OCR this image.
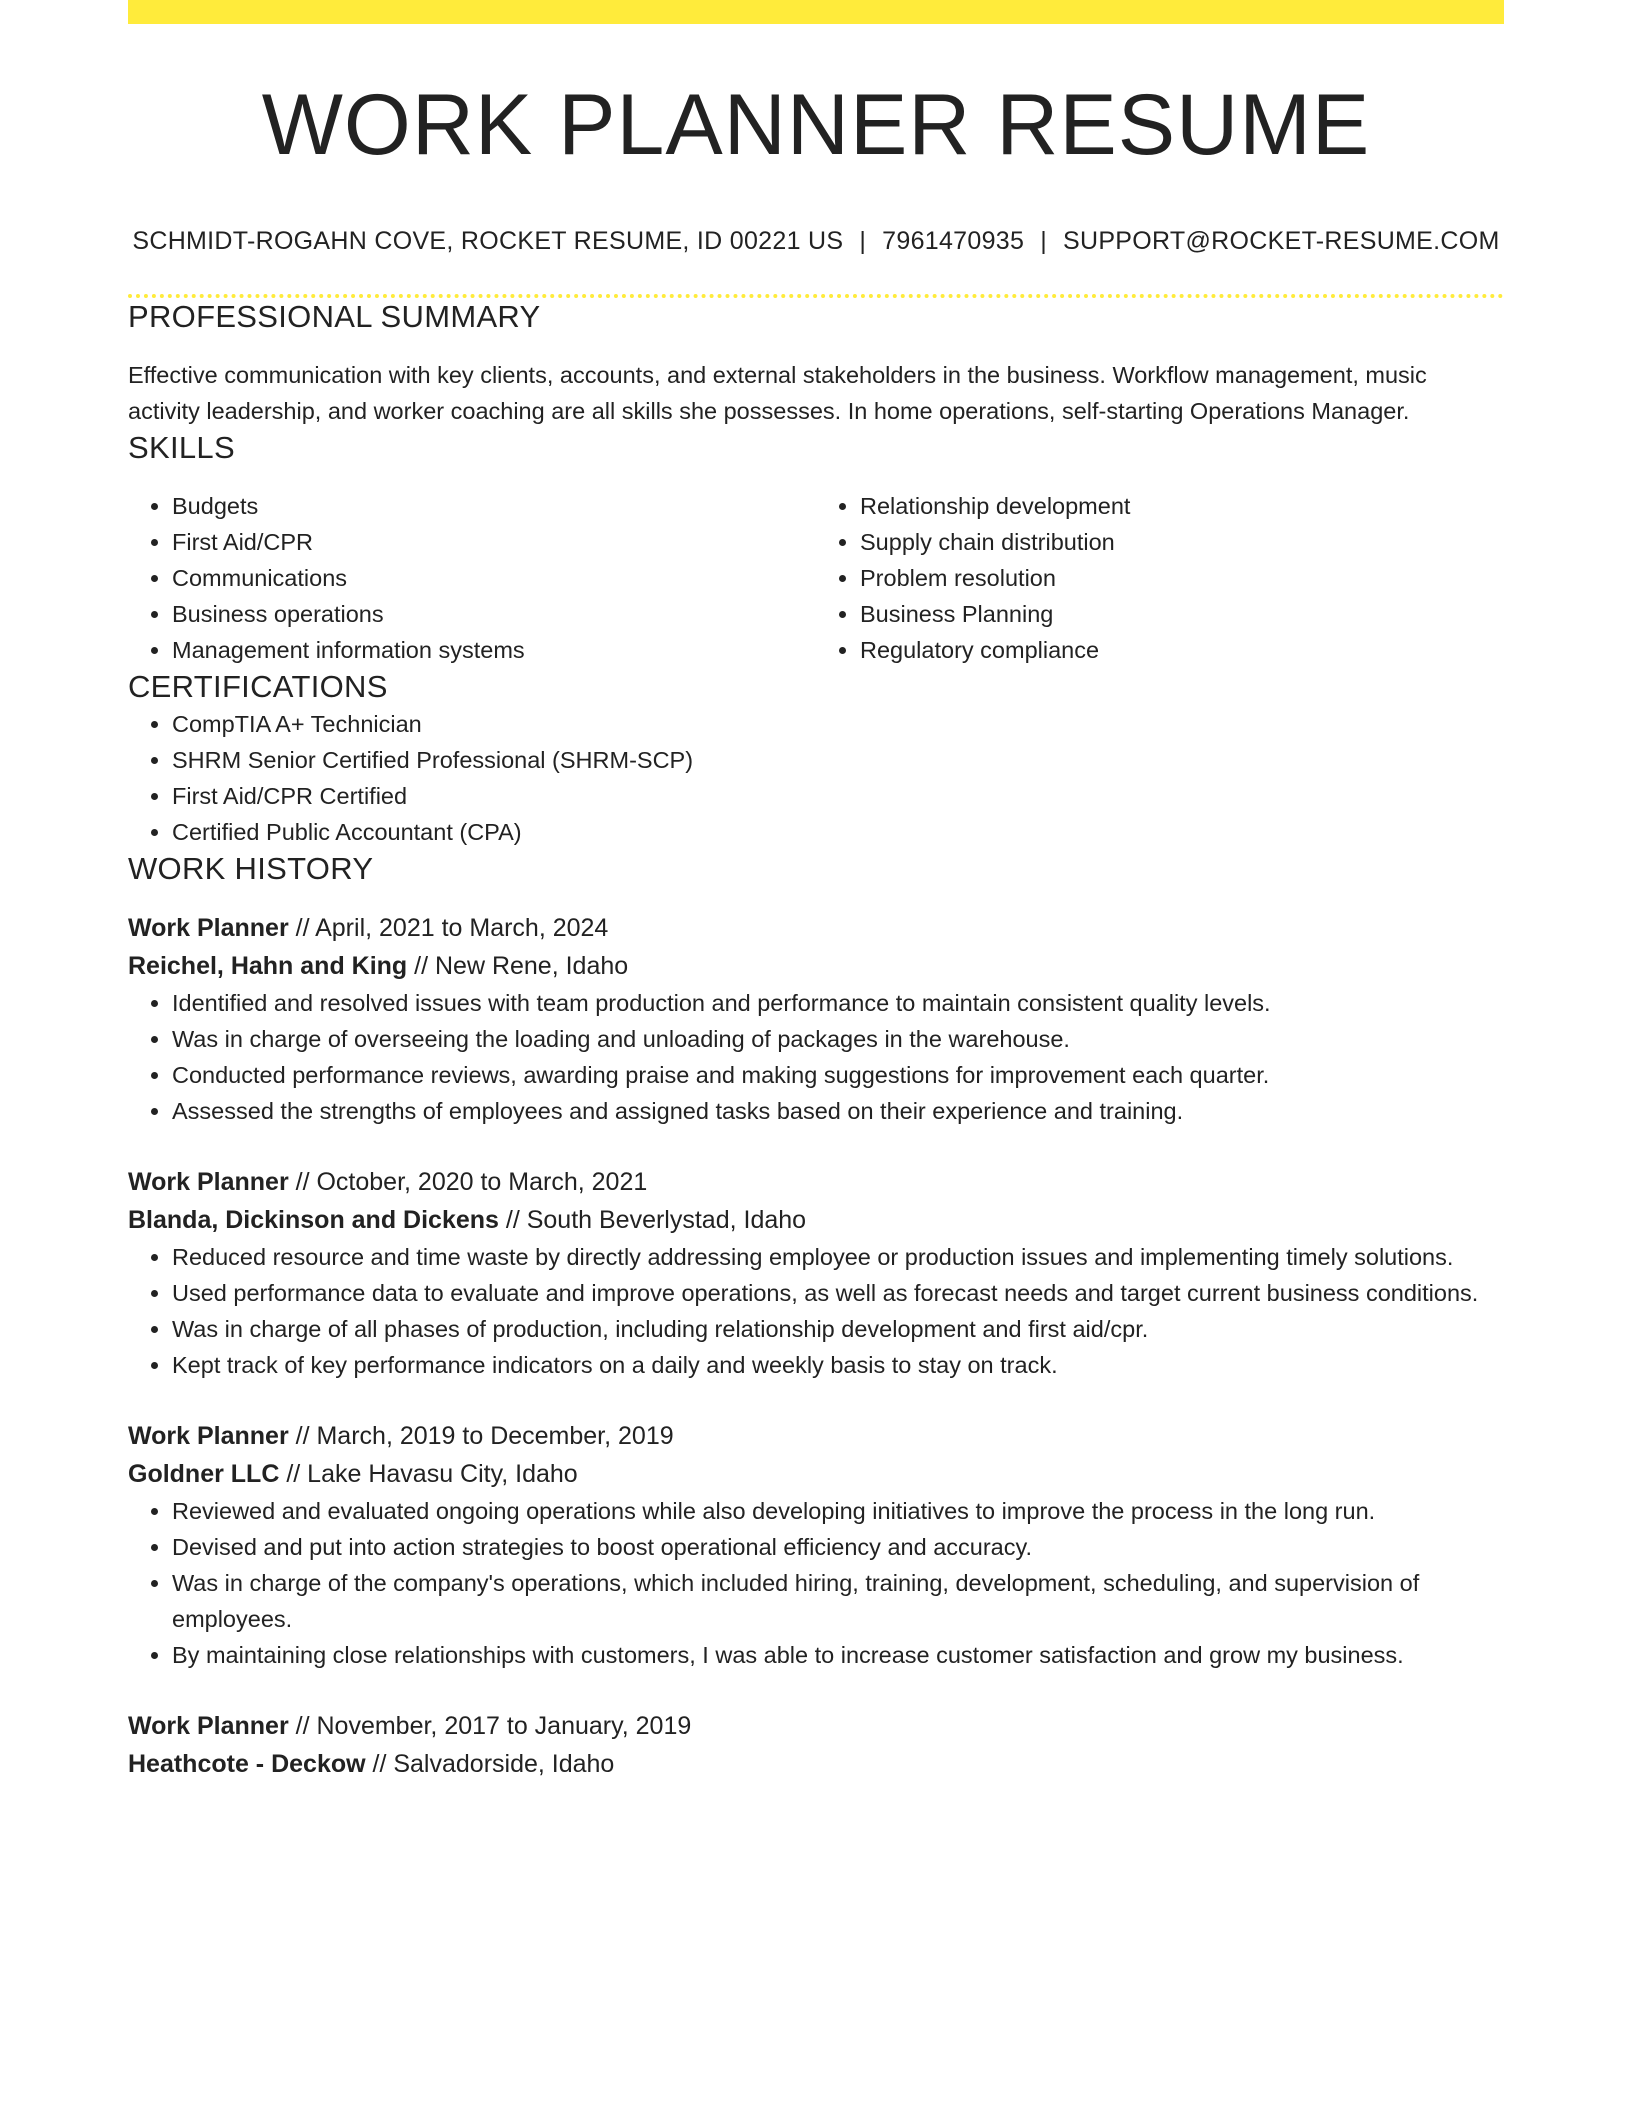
WORK PLANNER RESUME
SCHMIDT-ROGAHN COVE, ROCKET RESUME, ID 00221 US | 7961470935 | SUPPORT@ROCKET-RESUME.COM
PROFESSIONAL SUMMARY
Effective communication with key clients, accounts, and external stakeholders in the business. Workflow management, music activity leadership, and worker coaching are all skills she possesses. In home operations, self-starting Operations Manager.
SKILLS
• Budgets
• First Aid/CPR
• Communications
• Business operations
• Management information systems
• Relationship development
• Supply chain distribution
• Problem resolution
• Business Planning
• Regulatory compliance
CERTIFICATIONS
• CompTIA A+ Technician
• SHRM Senior Certified Professional (SHRM-SCP)
• First Aid/CPR Certified
• Certified Public Accountant (CPA)
WORK HISTORY
Work Planner // April, 2021 to March, 2024
Reichel, Hahn and King // New Rene, Idaho
• Identified and resolved issues with team production and performance to maintain consistent quality levels.
• Was in charge of overseeing the loading and unloading of packages in the warehouse.
• Conducted performance reviews, awarding praise and making suggestions for improvement each quarter.
• Assessed the strengths of employees and assigned tasks based on their experience and training.
Work Planner // October, 2020 to March, 2021
Blanda, Dickinson and Dickens // South Beverlystad, Idaho
• Reduced resource and time waste by directly addressing employee or production issues and implementing timely solutions.
• Used performance data to evaluate and improve operations, as well as forecast needs and target current business conditions.
• Was in charge of all phases of production, including relationship development and first aid/cpr.
• Kept track of key performance indicators on a daily and weekly basis to stay on track.
Work Planner // March, 2019 to December, 2019
Goldner LLC // Lake Havasu City, Idaho
• Reviewed and evaluated ongoing operations while also developing initiatives to improve the process in the long run.
• Devised and put into action strategies to boost operational efficiency and accuracy.
• Was in charge of the company's operations, which included hiring, training, development, scheduling, and supervision of employees.
• By maintaining close relationships with customers, I was able to increase customer satisfaction and grow my business.
Work Planner // November, 2017 to January, 2019
Heathcote - Deckow // Salvadorside, Idaho
